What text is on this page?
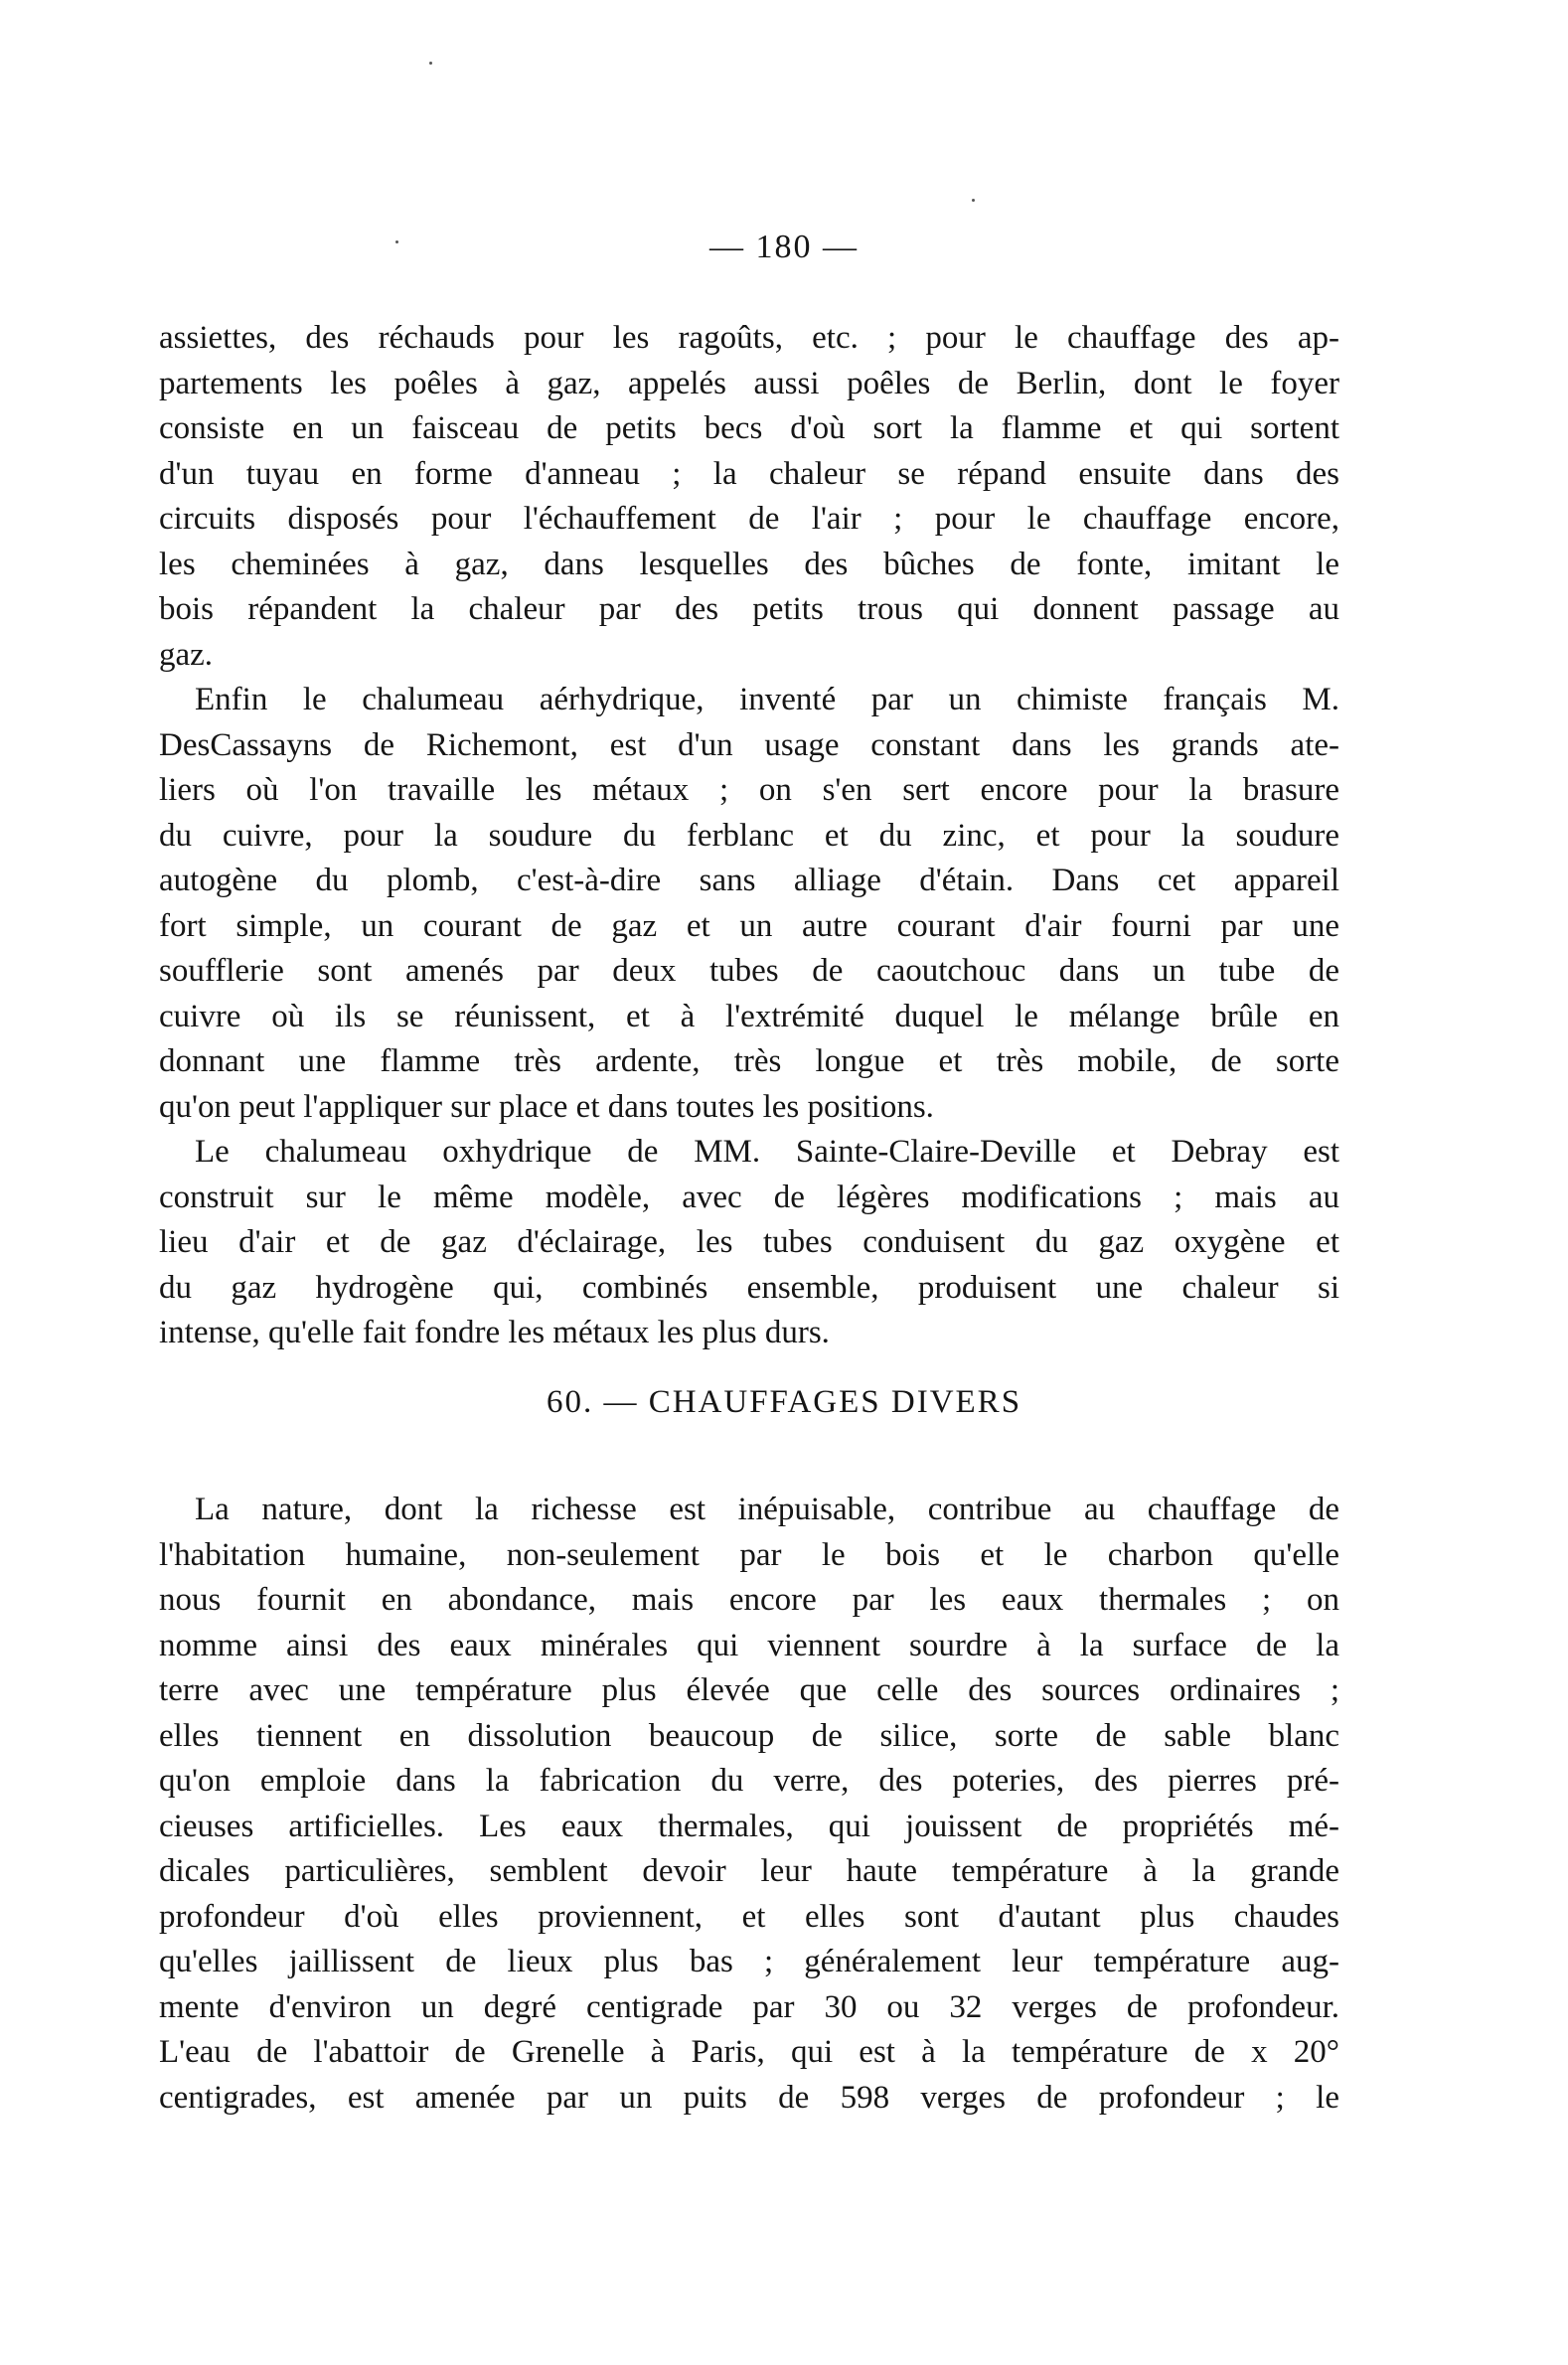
— 180 —
assiettes, des réchauds pour les ragoûts, etc. ; pour le chauffage des ap-
partements les poêles à gaz, appelés aussi poêles de Berlin, dont le foyer
consiste en un faisceau de petits becs d'où sort la flamme et qui sortent
d'un tuyau en forme d'anneau ; la chaleur se répand ensuite dans des
circuits disposés pour l'échauffement de l'air ; pour le chauffage encore,
les cheminées à gaz, dans lesquelles des bûches de fonte, imitant le
bois répandent la chaleur par des petits trous qui donnent passage au
gaz.
Enfin le chalumeau aérhydrique, inventé par un chimiste français M.
DesCassayns de Richemont, est d'un usage constant dans les grands ate-
liers où l'on travaille les métaux ; on s'en sert encore pour la brasure
du cuivre, pour la soudure du ferblanc et du zinc, et pour la soudure
autogène du plomb, c'est-à-dire sans alliage d'étain. Dans cet appareil
fort simple, un courant de gaz et un autre courant d'air fourni par une
soufflerie sont amenés par deux tubes de caoutchouc dans un tube de
cuivre où ils se réunissent, et à l'extrémité duquel le mélange brûle en
donnant une flamme très ardente, très longue et très mobile, de sorte
qu'on peut l'appliquer sur place et dans toutes les positions.
Le chalumeau oxhydrique de MM. Sainte-Claire-Deville et Debray est
construit sur le même modèle, avec de légères modifications ; mais au
lieu d'air et de gaz d'éclairage, les tubes conduisent du gaz oxygène et
du gaz hydrogène qui, combinés ensemble, produisent une chaleur si
intense, qu'elle fait fondre les métaux les plus durs.
60. — CHAUFFAGES DIVERS
La nature, dont la richesse est inépuisable, contribue au chauffage de
l'habitation humaine, non-seulement par le bois et le charbon qu'elle
nous fournit en abondance, mais encore par les eaux thermales ; on
nomme ainsi des eaux minérales qui viennent sourdre à la surface de la
terre avec une température plus élevée que celle des sources ordinaires ;
elles tiennent en dissolution beaucoup de silice, sorte de sable blanc
qu'on emploie dans la fabrication du verre, des poteries, des pierres pré-
cieuses artificielles. Les eaux thermales, qui jouissent de propriétés mé-
dicales particulières, semblent devoir leur haute température à la grande
profondeur d'où elles proviennent, et elles sont d'autant plus chaudes
qu'elles jaillissent de lieux plus bas ; généralement leur température aug-
mente d'environ un degré centigrade par 30 ou 32 verges de profondeur.
L'eau de l'abattoir de Grenelle à Paris, qui est à la température de x 20°
centigrades, est amenée par un puits de 598 verges de profondeur ; le
